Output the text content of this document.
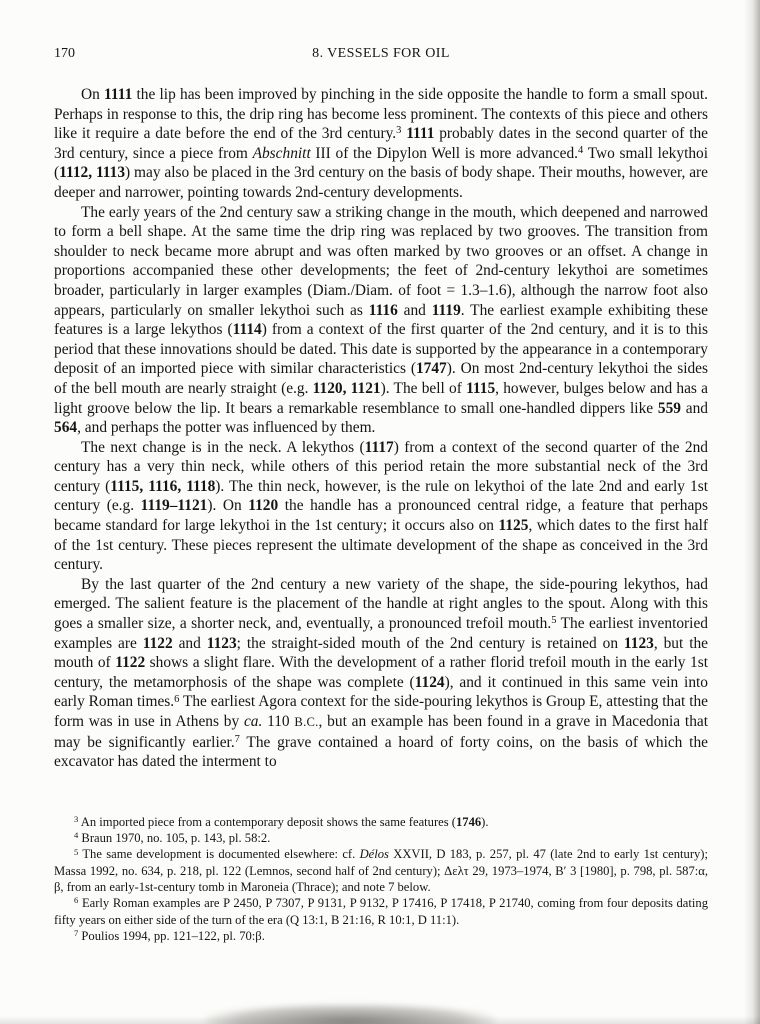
170	8. VESSELS FOR OIL

On 1111 the lip has been improved by pinching in the side opposite the handle to form a small spout. Perhaps in response to this, the drip ring has become less prominent. The contexts of this piece and others like it require a date before the end of the 3rd century.$^3$ 1111 probably dates in the second quarter of the 3rd century, since a piece from Abschnitt III of the Dipylon Well is more advanced.$^4$ Two small lekythoi (1112, 1113) may also be placed in the 3rd century on the basis of body shape. Their mouths, however, are deeper and narrower, pointing towards 2nd-century developments.

The early years of the 2nd century saw a striking change in the mouth, which deepened and narrowed to form a bell shape. At the same time the drip ring was replaced by two grooves. The transition from shoulder to neck became more abrupt and was often marked by two grooves or an offset. A change in proportions accompanied these other developments; the feet of 2nd-century lekythoi are sometimes broader, particularly in larger examples (Diam./Diam. of foot = 1.3–1.6), although the narrow foot also appears, particularly on smaller lekythoi such as 1116 and 1119. The earliest example exhibiting these features is a large lekythos (1114) from a context of the first quarter of the 2nd century, and it is to this period that these innovations should be dated. This date is supported by the appearance in a contemporary deposit of an imported piece with similar characteristics (1747). On most 2nd-century lekythoi the sides of the bell mouth are nearly straight (e.g. 1120, 1121). The bell of 1115, however, bulges below and has a light groove below the lip. It bears a remarkable resemblance to small one-handled dippers like 559 and 564, and perhaps the potter was influenced by them.

The next change is in the neck. A lekythos (1117) from a context of the second quarter of the 2nd century has a very thin neck, while others of this period retain the more substantial neck of the 3rd century (1115, 1116, 1118). The thin neck, however, is the rule on lekythoi of the late 2nd and early 1st century (e.g. 1119–1121). On 1120 the handle has a pronounced central ridge, a feature that perhaps became standard for large lekythoi in the 1st century; it occurs also on 1125, which dates to the first half of the 1st century. These pieces represent the ultimate development of the shape as conceived in the 3rd century.

By the last quarter of the 2nd century a new variety of the shape, the side-pouring lekythos, had emerged. The salient feature is the placement of the handle at right angles to the spout. Along with this goes a smaller size, a shorter neck, and, eventually, a pronounced trefoil mouth.$^5$ The earliest inventoried examples are 1122 and 1123; the straight-sided mouth of the 2nd century is retained on 1123, but the mouth of 1122 shows a slight flare. With the development of a rather florid trefoil mouth in the early 1st century, the metamorphosis of the shape was complete (1124), and it continued in this same vein into early Roman times.$^6$ The earliest Agora context for the side-pouring lekythos is Group E, attesting that the form was in use in Athens by ca. 110 B.C., but an example has been found in a grave in Macedonia that may be significantly earlier.$^7$ The grave contained a hoard of forty coins, on the basis of which the excavator has dated the interment to

$^3$ An imported piece from a contemporary deposit shows the same features (1746).

$^4$ Braun 1970, no. 105, p. 143, pl. 58:2.

$^5$ The same development is documented elsewhere: cf. Délos XXVII, D 183, p. 257, pl. 47 (late 2nd to early 1st century); Massa 1992, no. 634, p. 218, pl. 122 (Lemnos, second half of 2nd century); Δελτ 29, 1973–1974, Β′ 3 [1980], p. 798, pl. 587:α, β, from an early-1st-century tomb in Maroneia (Thrace); and note 7 below.

$^6$ Early Roman examples are P 2450, P 7307, P 9131, P 9132, P 17416, P 17418, P 21740, coming from four deposits dating fifty years on either side of the turn of the era (Q 13:1, B 21:16, R 10:1, D 11:1).

$^7$ Poulios 1994, pp. 121–122, pl. 70:β.
